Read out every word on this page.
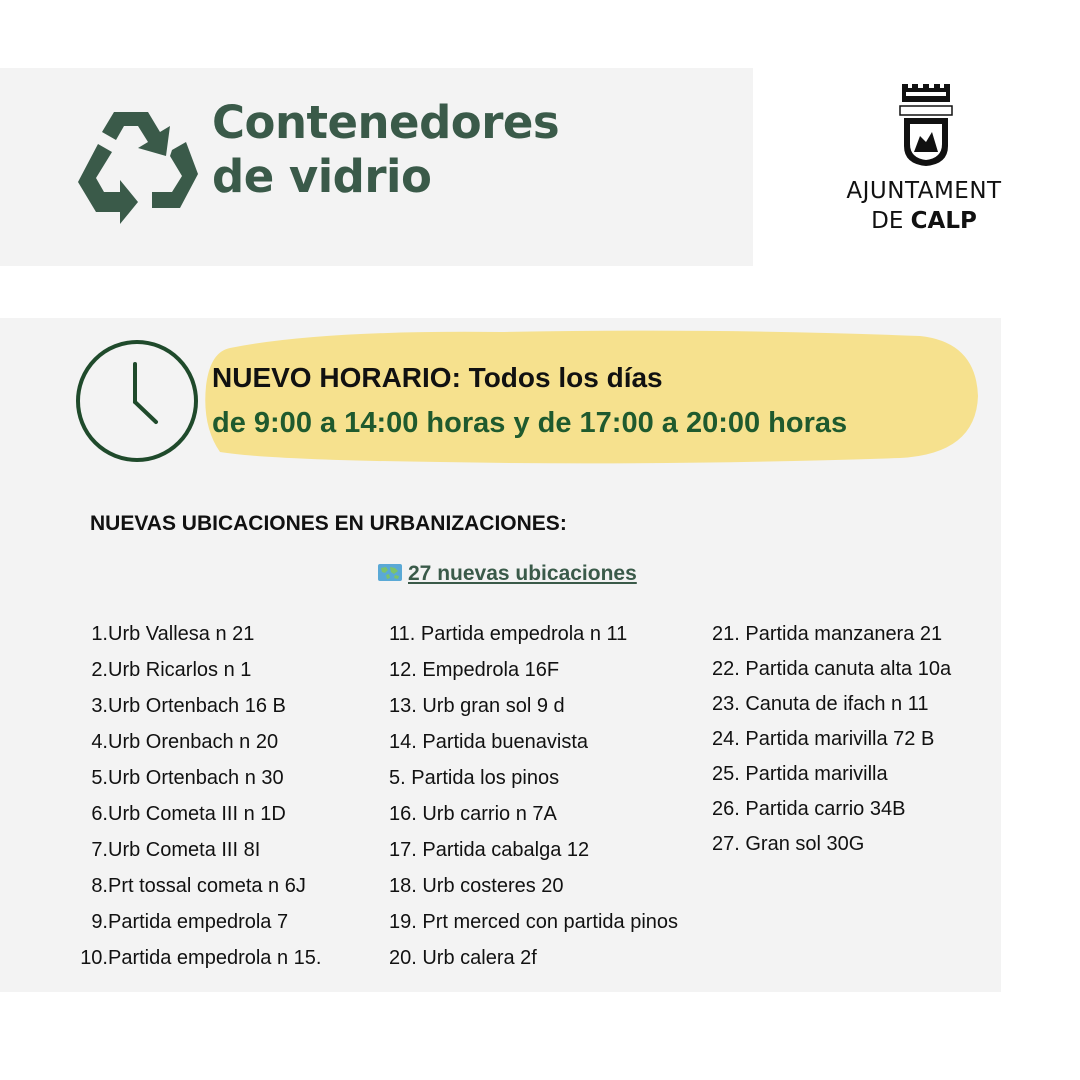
Contenedores
de vidrio	AJUNTAMENT
DE CALP
NUEVO HORARIO: Todos los días
de 9:00 a 14:00 horas y de 17:00 a 20:00 horas
NUEVAS UBICACIONES EN URBANIZACIONES:
27 nuevas ubicaciones
1.Urb Vallesa n 21
2.Urb Ricarlos n 1
3.Urb Ortenbach 16 B
4.Urb Orenbach n 20
5.Urb Ortenbach n 30
6.Urb Cometa III n 1D
7.Urb Cometa III 8I
8.Prt tossal cometa n 6J
9.Partida empedrola 7
10.Partida empedrola n 15.
11. Partida empedrola n 11
12. Empedrola 16F
13. Urb gran sol 9 d
14. Partida buenavista
5. Partida los pinos
16. Urb carrio n 7A
17. Partida cabalga 12
18. Urb costeres 20
19. Prt merced con partida pinos
20. Urb calera 2f
21. Partida manzanera 21
22. Partida canuta alta 10a
23. Canuta de ifach n 11
24. Partida marivilla 72 B
25. Partida marivilla
26. Partida carrio 34B
27. Gran sol 30G
